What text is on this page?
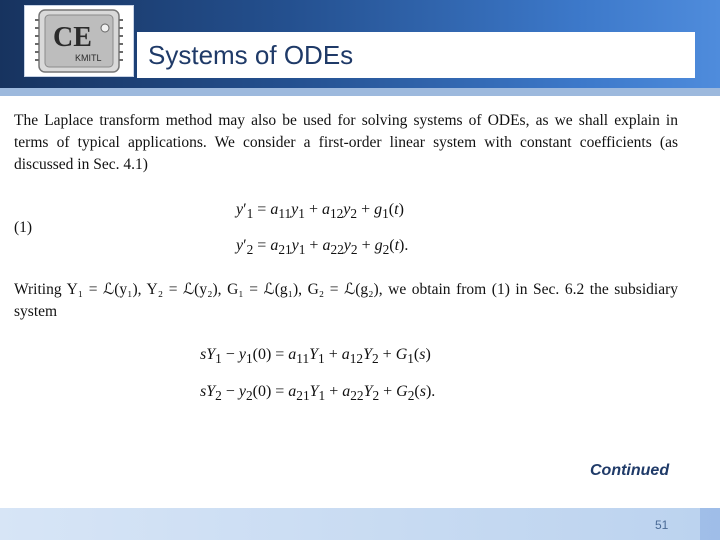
CE
KMITL Systems of ODEs
The Laplace transform method may also be used for solving systems of ODEs, as we shall explain in terms of typical applications. We consider a first-order linear system with constant coefficients (as discussed in Sec. 4.1)
(1)
$y'_1 = a_{11}y_1 + a_{12}y_2 + g_1(t)$
$y'_2 = a_{21}y_1 + a_{22}y_2 + g_2(t)$.
Writing Y₁ = ℒ(y₁), Y₂ = ℒ(y₂), G₁ = ℒ(g₁), G₂ = ℒ(g₂), we obtain from (1) in Sec. 6.2 the subsidiary system
$sY_1 - y_1(0) = a_{11}Y_1 + a_{12}Y_2 + G_1(s)$
$sY_2 - y_2(0) = a_{21}Y_1 + a_{22}Y_2 + G_2(s)$.
Continued
51
